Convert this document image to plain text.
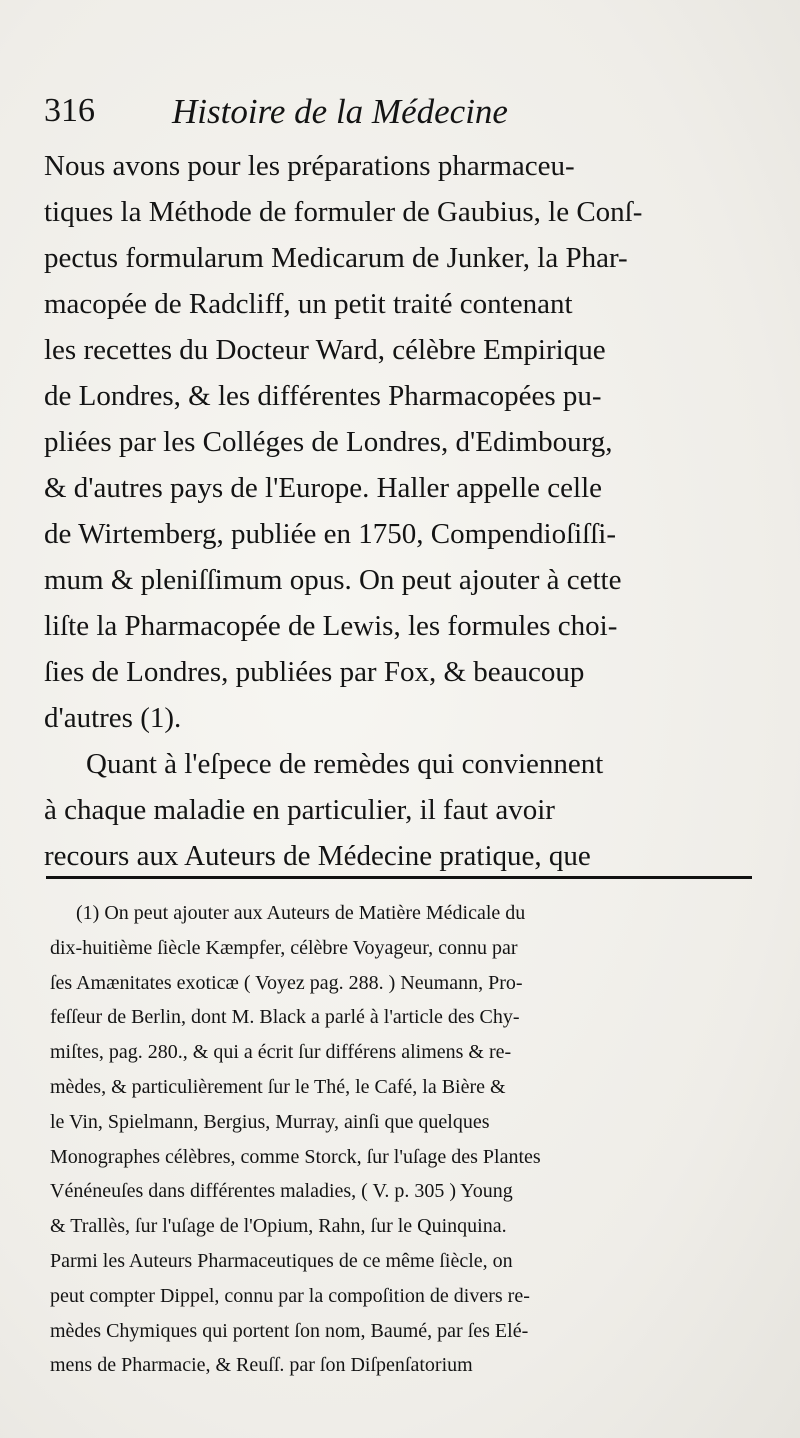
316 Histoire de la Médecine
Nous avons pour les préparations pharmaceu-
tiques la Méthode de formuler de Gaubius, le Conſ-
pectus formularum Medicarum de Junker, la Phar-
macopée de Radcliff, un petit traité contenant
les recettes du Docteur Ward, célèbre Empirique
de Londres, & les différentes Pharmacopées pu-
pliées par les Colléges de Londres, d'Edimbourg,
& d'autres pays de l'Europe. Haller appelle celle
de Wirtemberg, publiée en 1750, Compendioſiſſi-
mum & pleniſſimum opus. On peut ajouter à cette
liſte la Pharmacopée de Lewis, les formules choi-
ſies de Londres, publiées par Fox, & beaucoup
d'autres (1).
Quant à l'eſpece de remèdes qui conviennent
à chaque maladie en particulier, il faut avoir
recours aux Auteurs de Médecine pratique, que
(1) On peut ajouter aux Auteurs de Matière Médicale du
dix-huitième ſiècle Kæmpfer, célèbre Voyageur, connu par
ſes Amænitates exoticæ ( Voyez pag. 288. ) Neumann, Pro-
feſſeur de Berlin, dont M. Black a parlé à l'article des Chy-
miſtes, pag. 280., & qui a écrit ſur différens alimens & re-
mèdes, & particulièrement ſur le Thé, le Café, la Bière &
le Vin, Spielmann, Bergius, Murray, ainſi que quelques
Monographes célèbres, comme Storck, ſur l'uſage des Plantes
Vénéneuſes dans différentes maladies, ( V. p. 305 ) Young
& Trallès, ſur l'uſage de l'Opium, Rahn, ſur le Quinquina.
Parmi les Auteurs Pharmaceutiques de ce même ſiècle, on
peut compter Dippel, connu par la compoſition de divers re-
mèdes Chymiques qui portent ſon nom, Baumé, par ſes Elé-
mens de Pharmacie, & Reuſſ. par ſon Diſpenſatorium
